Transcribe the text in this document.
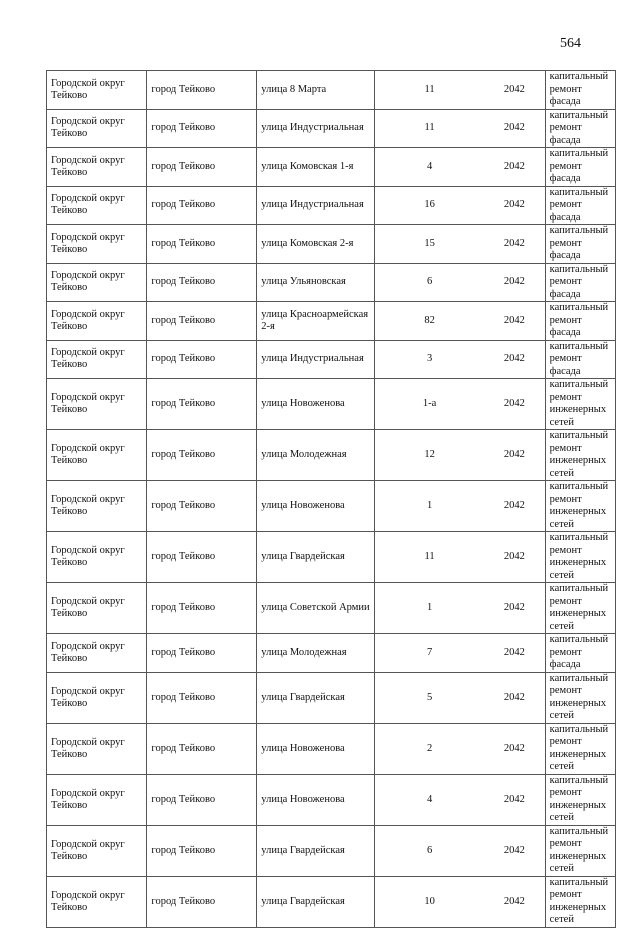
564
Городской округ Тейково	город Тейково	улица 8 Марта	11	2042	капитальный ремонт фасада
Городской округ Тейково	город Тейково	улица Индустриальная	11	2042	капитальный ремонт фасада
Городской округ Тейково	город Тейково	улица Комовская 1-я	4	2042	капитальный ремонт фасада
Городской округ Тейково	город Тейково	улица Индустриальная	16	2042	капитальный ремонт фасада
Городской округ Тейково	город Тейково	улица Комовская 2-я	15	2042	капитальный ремонт фасада
Городской округ Тейково	город Тейково	улица Ульяновская	6	2042	капитальный ремонт фасада
Городской округ Тейково	город Тейково	улица Красноармейская 2-я	82	2042	капитальный ремонт фасада
Городской округ Тейково	город Тейково	улица Индустриальная	3	2042	капитальный ремонт фасада
Городской округ Тейково	город Тейково	улица Новоженова	1-а	2042	капитальный ремонт инженерных сетей
Городской округ Тейково	город Тейково	улица Молодежная	12	2042	капитальный ремонт инженерных сетей
Городской округ Тейково	город Тейково	улица Новоженова	1	2042	капитальный ремонт инженерных сетей
Городской округ Тейково	город Тейково	улица Гвардейская	11	2042	капитальный ремонт инженерных сетей
Городской округ Тейково	город Тейково	улица Советской Армии	1	2042	капитальный ремонт инженерных сетей
Городской округ Тейково	город Тейково	улица Молодежная	7	2042	капитальный ремонт фасада
Городской округ Тейково	город Тейково	улица Гвардейская	5	2042	капитальный ремонт инженерных сетей
Городской округ Тейково	город Тейково	улица Новоженова	2	2042	капитальный ремонт инженерных сетей
Городской округ Тейково	город Тейково	улица Новоженова	4	2042	капитальный ремонт инженерных сетей
Городской округ Тейково	город Тейково	улица Гвардейская	6	2042	капитальный ремонт инженерных сетей
Городской округ Тейково	город Тейково	улица Гвардейская	10	2042	капитальный ремонт инженерных сетей
